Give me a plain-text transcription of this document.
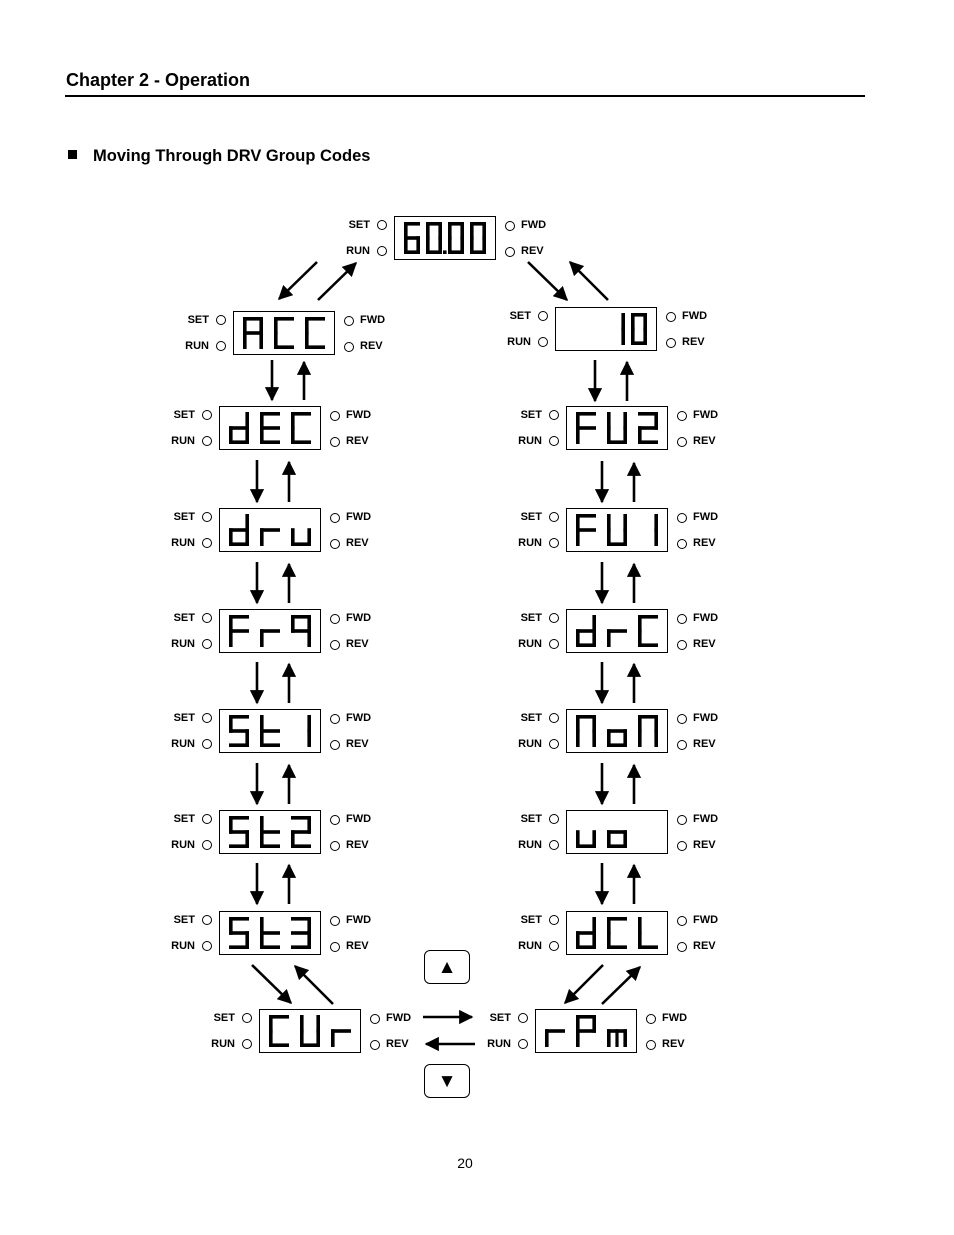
Chapter 2 - Operation
Moving Through DRV Group Codes
▲
▼
SET
RUN
FWD
REV
SET
RUN
FWD
REV
SET
RUN
FWD
REV
SET
RUN
FWD
REV
SET
RUN
FWD
REV
SET
RUN
FWD
REV
SET
RUN
FWD
REV
SET
RUN
FWD
REV
SET
RUN
FWD
REV
SET
RUN
FWD
REV
SET
RUN
FWD
REV
SET
RUN
FWD
REV
SET
RUN
FWD
REV
SET
RUN
FWD
REV
SET
RUN
FWD
REV
SET
RUN
FWD
REV
SET
RUN
FWD
REV
20
